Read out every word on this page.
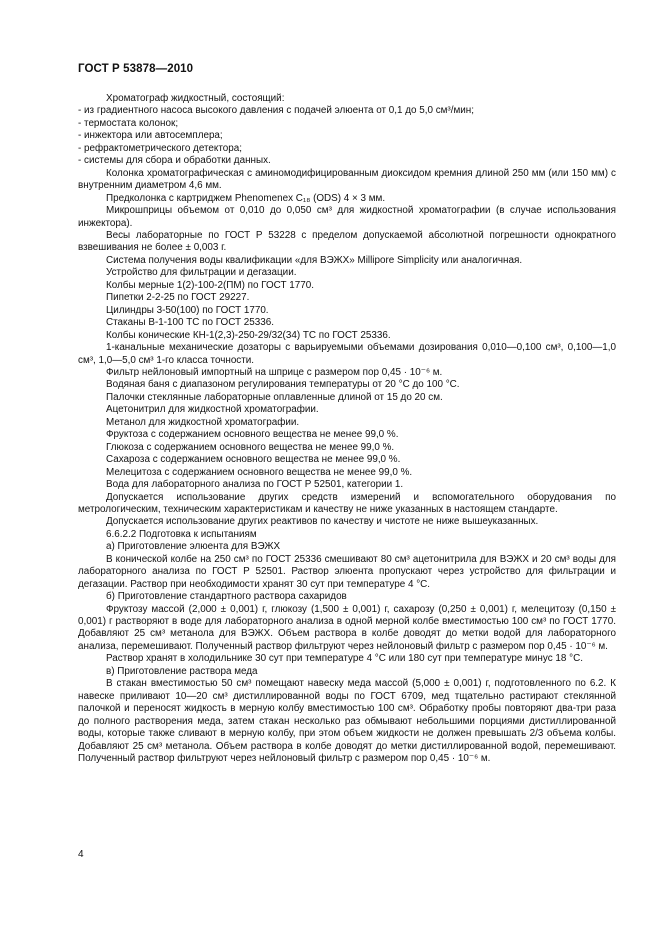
ГОСТ Р 53878—2010

Хроматограф жидкостный, состоящий:

- из градиентного насоса высокого давления с подачей элюента от 0,1 до 5,0 см³/мин;

- термостата колонок;

- инжектора или автосемплера;

- рефрактометрического детектора;

- системы для сбора и обработки данных.

Колонка хроматографическая с аминомодифицированным диоксидом кремния длиной 250 мм (или 150 мм) с внутренним диаметром 4,6 мм.

Предколонка с картриджем Phenomenex C₁₈ (ODS) 4 × 3 мм.

Микрошприцы объемом от 0,010 до 0,050 см³ для жидкостной хроматографии (в случае использования инжектора).

Весы лабораторные по ГОСТ Р 53228 с пределом допускаемой абсолютной погрешности однократного взвешивания не более ± 0,003 г.

Система получения воды квалификации «для ВЭЖХ» Millipore Simplicity или аналогичная.

Устройство для фильтрации и дегазации.

Колбы мерные 1(2)-100-2(ПМ) по ГОСТ 1770.

Пипетки 2-2-25 по ГОСТ 29227.

Цилиндры 3-50(100) по ГОСТ 1770.

Стаканы В-1-100 ТС по ГОСТ 25336.

Колбы конические КН-1(2,3)-250-29/32(34) ТС по ГОСТ 25336.

1-канальные механические дозаторы с варьируемыми объемами дозирования 0,010—0,100 см³, 0,100—1,0 см³, 1,0—5,0 см³ 1-го класса точности.

Фильтр нейлоновый импортный на шприце с размером пор 0,45 · 10⁻⁶ м.

Водяная баня с диапазоном регулирования температуры от 20 °С до 100 °С.

Палочки стеклянные лабораторные оплавленные длиной от 15 до 20 см.

Ацетонитрил для жидкостной хроматографии.

Метанол для жидкостной хроматографии.

Фруктоза с содержанием основного вещества не менее 99,0 %.

Глюкоза с содержанием основного вещества не менее 99,0 %.

Сахароза с содержанием основного вещества не менее 99,0 %.

Мелецитоза с содержанием основного вещества не менее 99,0 %.

Вода для лабораторного анализа по ГОСТ Р 52501, категории 1.

Допускается использование других средств измерений и вспомогательного оборудования по метрологическим, техническим характеристикам и качеству не ниже указанных в настоящем стандарте.

Допускается использование других реактивов по качеству и чистоте не ниже вышеуказанных.

6.6.2.2 Подготовка к испытаниям

а) Приготовление элюента для ВЭЖХ

В конической колбе на 250 см³ по ГОСТ 25336 смешивают 80 см³ ацетонитрила для ВЭЖХ и 20 см³ воды для лабораторного анализа по ГОСТ Р 52501. Раствор элюента пропускают через устройство для фильтрации и дегазации. Раствор при необходимости хранят 30 сут при температуре 4 °С.

б) Приготовление стандартного раствора сахаридов

Фруктозу массой (2,000 ± 0,001) г, глюкозу (1,500 ± 0,001) г, сахарозу (0,250 ± 0,001) г, мелецитозу (0,150 ± 0,001) г растворяют в воде для лабораторного анализа в одной мерной колбе вместимостью 100 см³ по ГОСТ 1770. Добавляют 25 см³ метанола для ВЭЖХ. Объем раствора в колбе доводят до метки водой для лабораторного анализа, перемешивают. Полученный раствор фильтруют через нейлоновый фильтр с размером пор 0,45 · 10⁻⁶ м.

Раствор хранят в холодильнике 30 сут при температуре 4 °С или 180 сут при температуре минус 18 °С.

в) Приготовление раствора меда

В стакан вместимостью 50 см³ помещают навеску меда массой (5,000 ± 0,001) г, подготовленного по 6.2. К навеске приливают 10—20 см³ дистиллированной воды по ГОСТ 6709, мед тщательно растирают стеклянной палочкой и переносят жидкость в мерную колбу вместимостью 100 см³. Обработку пробы повторяют два-три раза до полного растворения меда, затем стакан несколько раз обмывают небольшими порциями дистиллированной воды, которые также сливают в мерную колбу, при этом объем жидкости не должен превышать 2/3 объема колбы. Добавляют 25 см³ метанола. Объем раствора в колбе доводят до метки дистиллированной водой, перемешивают. Полученный раствор фильтруют через нейлоновый фильтр с размером пор 0,45 · 10⁻⁶ м.

4
